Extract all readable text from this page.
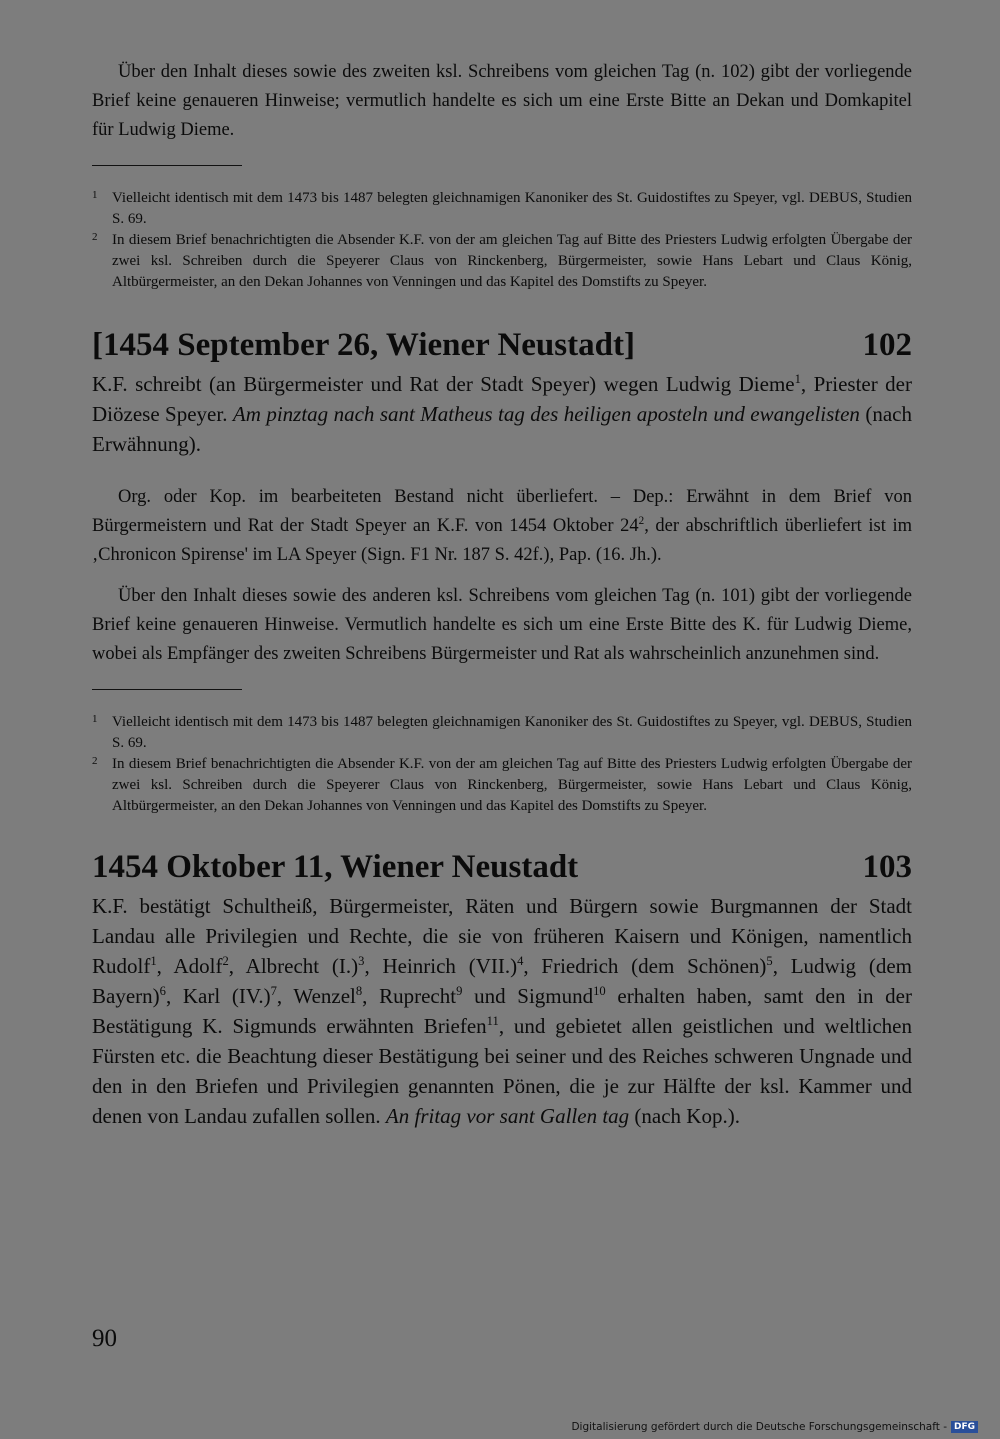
Über den Inhalt dieses sowie des zweiten ksl. Schreibens vom gleichen Tag (n. 102) gibt der vorliegende Brief keine genaueren Hinweise; vermutlich handelte es sich um eine Erste Bitte an Dekan und Domkapitel für Ludwig Dieme.

1 Vielleicht identisch mit dem 1473 bis 1487 belegten gleichnamigen Kanoniker des St. Guidostiftes zu Speyer, vgl. DEBUS, Studien S. 69.
2 In diesem Brief benachrichtigten die Absender K.F. von der am gleichen Tag auf Bitte des Priesters Ludwig erfolgten Übergabe der zwei ksl. Schreiben durch die Speyerer Claus von Rinckenberg, Bürgermeister, sowie Hans Lebart und Claus König, Altbürgermeister, an den Dekan Johannes von Venningen und das Kapitel des Domstifts zu Speyer.
[1454 September 26, Wiener Neustadt]	102

K.F. schreibt (an Bürgermeister und Rat der Stadt Speyer) wegen Ludwig Dieme$^1$, Priester der Diözese Speyer. Am pinztag nach sant Matheus tag des heiligen aposteln und ewangelisten (nach Erwähnung).

Org. oder Kop. im bearbeiteten Bestand nicht überliefert. – Dep.: Erwähnt in dem Brief von Bürgermeistern und Rat der Stadt Speyer an K.F. von 1454 Oktober $24^2$, der abschriftlich überliefert ist im ‚Chronicon Spirense' im LA Speyer (Sign. F1 Nr. 187 S. 42f.), Pap. (16. Jh.).

Über den Inhalt dieses sowie des anderen ksl. Schreibens vom gleichen Tag (n. 101) gibt der vorliegende Brief keine genaueren Hinweise. Vermutlich handelte es sich um eine Erste Bitte des K. für Ludwig Dieme, wobei als Empfänger des zweiten Schreibens Bürgermeister und Rat als wahrscheinlich anzunehmen sind.

1 Vielleicht identisch mit dem 1473 bis 1487 belegten gleichnamigen Kanoniker des St. Guidostiftes zu Speyer, vgl. DEBUS, Studien S. 69.
2 In diesem Brief benachrichtigten die Absender K.F. von der am gleichen Tag auf Bitte des Priesters Ludwig erfolgten Übergabe der zwei ksl. Schreiben durch die Speyerer Claus von Rinckenberg, Bürgermeister, sowie Hans Lebart und Claus König, Altbürgermeister, an den Dekan Johannes von Venningen und das Kapitel des Domstifts zu Speyer.
1454 Oktober 11, Wiener Neustadt	103

K.F. bestätigt Schultheiß, Bürgermeister, Räten und Bürgern sowie Burgmannen der Stadt Landau alle Privilegien und Rechte, die sie von früheren Kaisern und Königen, namentlich Rudolf$^1$, Adolf$^2$, Albrecht $(I.)^3$, Heinrich $(VII.)^4$, Friedrich (dem Schönen)$^5$, Ludwig (dem Bayern)$^6$, Karl $(IV.)^7$, Wenzel$^8$, Ruprecht$^9$ und Sigmund$^{10}$ erhalten haben, samt den in der Bestätigung K. Sigmunds erwähnten Briefen$^{11}$, und gebietet allen geistlichen und weltlichen Fürsten etc. die Beachtung dieser Bestätigung bei seiner und des Reiches schweren Ungnade und den in den Briefen und Privilegien genannten Pönen, die je zur Hälfte der ksl. Kammer und denen von Landau zufallen sollen. An fritag vor sant Gallen tag (nach Kop.).

90
Digitalisierung gefördert durch die Deutsche Forschungsgemeinschaft - DFG
